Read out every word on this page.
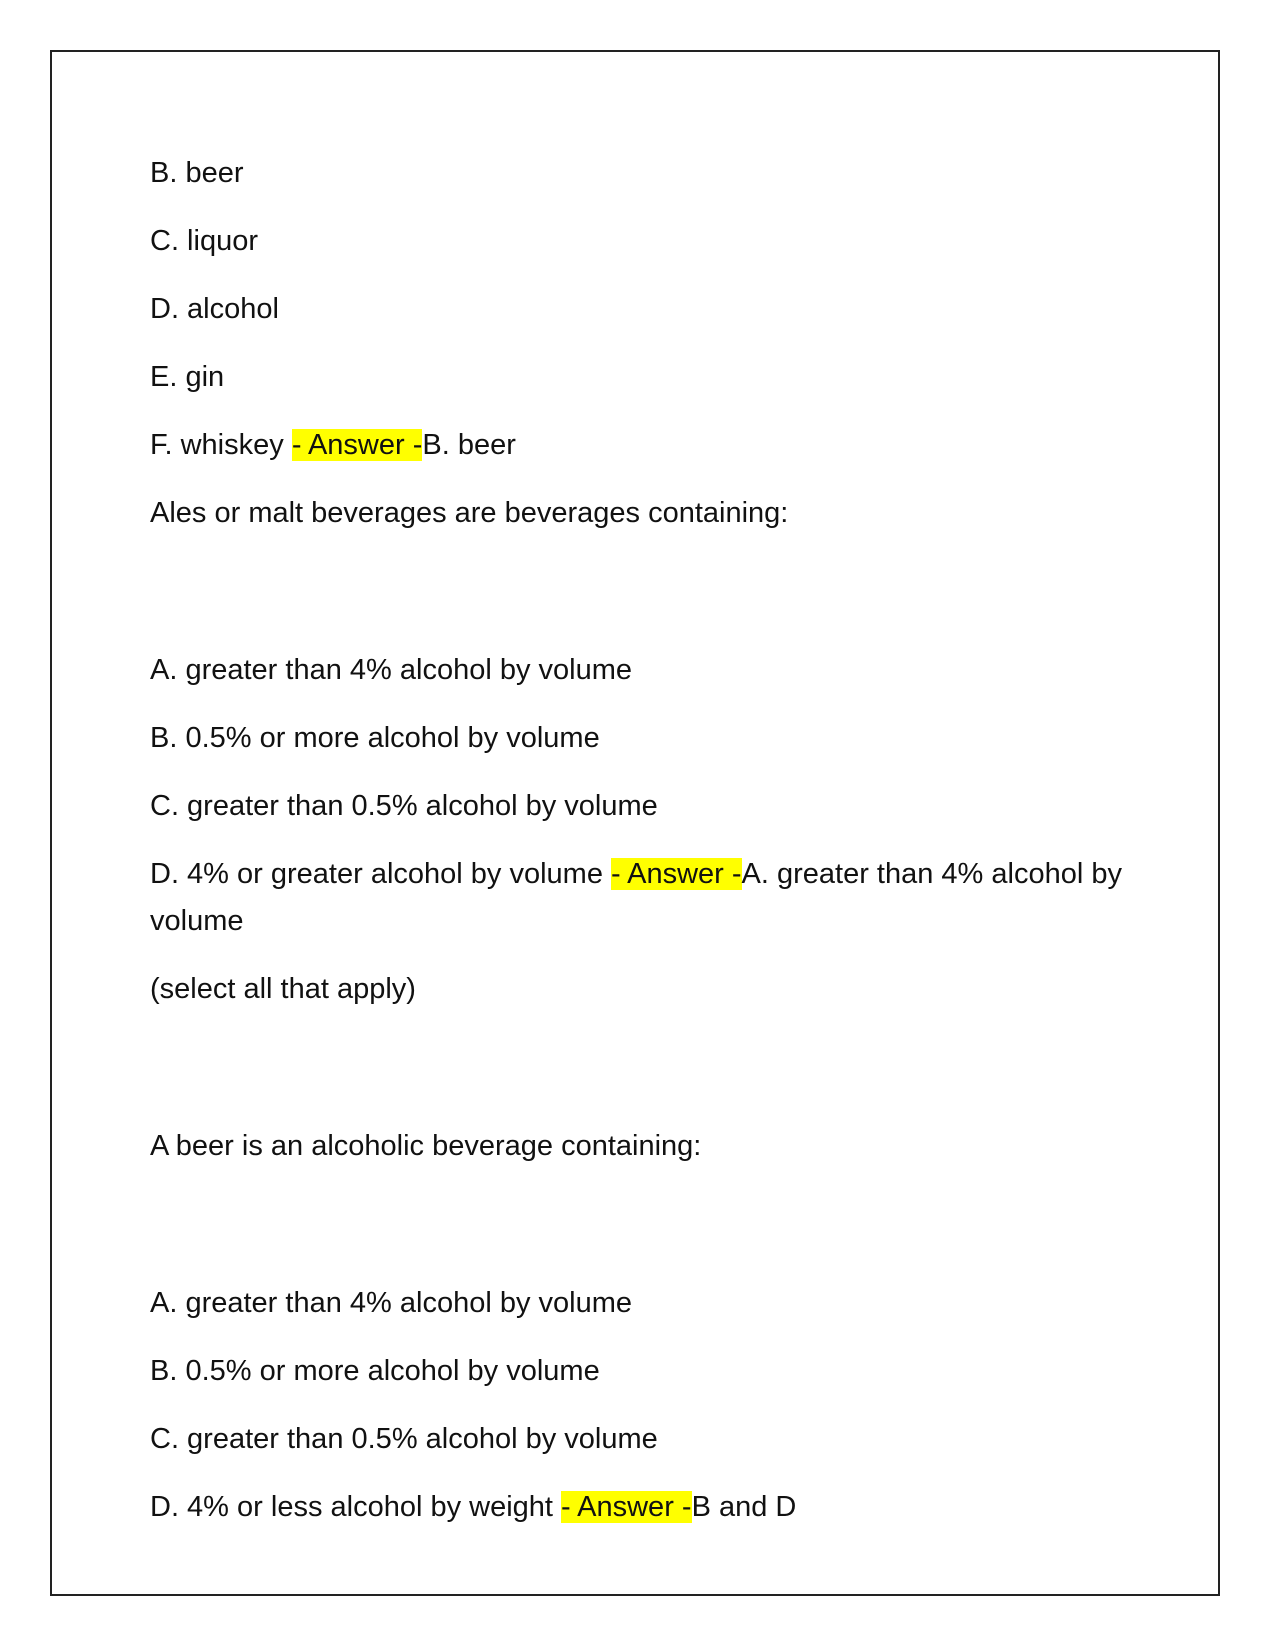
B. beer
C. liquor
D. alcohol
E. gin
F. whiskey - Answer -B. beer
Ales or malt beverages are beverages containing:
A. greater than 4% alcohol by volume
B. 0.5% or more alcohol by volume
C. greater than 0.5% alcohol by volume
D. 4% or greater alcohol by volume - Answer -A. greater than 4% alcohol by volume
(select all that apply)
A beer is an alcoholic beverage containing:
A. greater than 4% alcohol by volume
B. 0.5% or more alcohol by volume
C. greater than 0.5% alcohol by volume
D. 4% or less alcohol by weight - Answer -B and D
